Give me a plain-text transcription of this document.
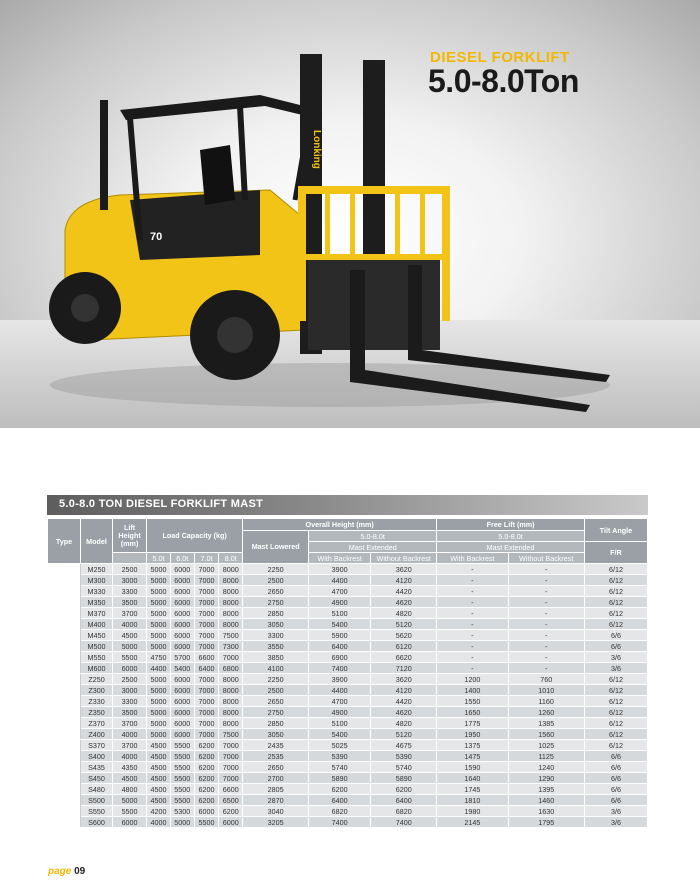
Lonking
70
DIESEL FORKLIFT
5.0-8.0Ton
5.0-8.0 TON DIESEL FORKLIFT MAST
Type	Model	Lift Height (mm)	Load Capacity (kg)				Overall Height (mm)			Free Lift (mm)		Tilt Angle
							Mast Lowered	5.0-8.0t		5.0-8.0t		
								Mast Extended		Mast Extended		F/R
			5.0t	6.0t	7.0t	8.0t		With Backrest	Without Backrest	With Backrest	Without Backrest	
	M250	2500	5000	6000	7000	8000	2250	3900	3620	-	-	6/12
	M300	3000	5000	6000	7000	8000	2500	4400	4120	-	-	6/12
	M330	3300	5000	6000	7000	8000	2650	4700	4420	-	-	6/12
	M350	3500	5000	6000	7000	8000	2750	4900	4620	-	-	6/12
	M370	3700	5000	6000	7000	8000	2850	5100	4820	-	-	6/12
	M400	4000	5000	6000	7000	8000	3050	5400	5120	-	-	6/12
	M450	4500	5000	6000	7000	7500	3300	5900	5620	-	-	6/6
	M500	5000	5000	6000	7000	7300	3550	6400	6120	-	-	6/6
	M550	5500	4750	5700	6600	7000	3850	6900	6620	-	-	3/6
	M600	6000	4400	5400	6400	6800	4100	7400	7120	-	-	3/6
	Z250	2500	5000	6000	7000	8000	2250	3900	3620	1200	760	6/12
	Z300	3000	5000	6000	7000	8000	2500	4400	4120	1400	1010	6/12
	Z330	3300	5000	6000	7000	8000	2650	4700	4420	1550	1160	6/12
	Z350	3500	5000	6000	7000	8000	2750	4900	4620	1650	1260	6/12
	Z370	3700	5000	6000	7000	8000	2850	5100	4820	1775	1385	6/12
	Z400	4000	5000	6000	7000	7500	3050	5400	5120	1950	1560	6/12
	S370	3700	4500	5500	6200	7000	2435	5025	4675	1375	1025	6/12
	S400	4000	4500	5500	6200	7000	2535	5390	5390	1475	1125	6/6
	S435	4350	4500	5500	6200	7000	2650	5740	5740	1590	1240	6/6
	S450	4500	4500	5500	6200	7000	2700	5890	5890	1640	1290	6/6
	S480	4800	4500	5500	6200	6600	2805	6200	6200	1745	1395	6/6
	S500	5000	4500	5500	6200	6500	2870	6400	6400	1810	1460	6/6
	S550	5500	4200	5300	6000	6200	3040	6820	6820	1980	1630	3/6
	S600	6000	4000	5000	5500	6000	3205	7400	7400	2145	1795	3/6
page 09
